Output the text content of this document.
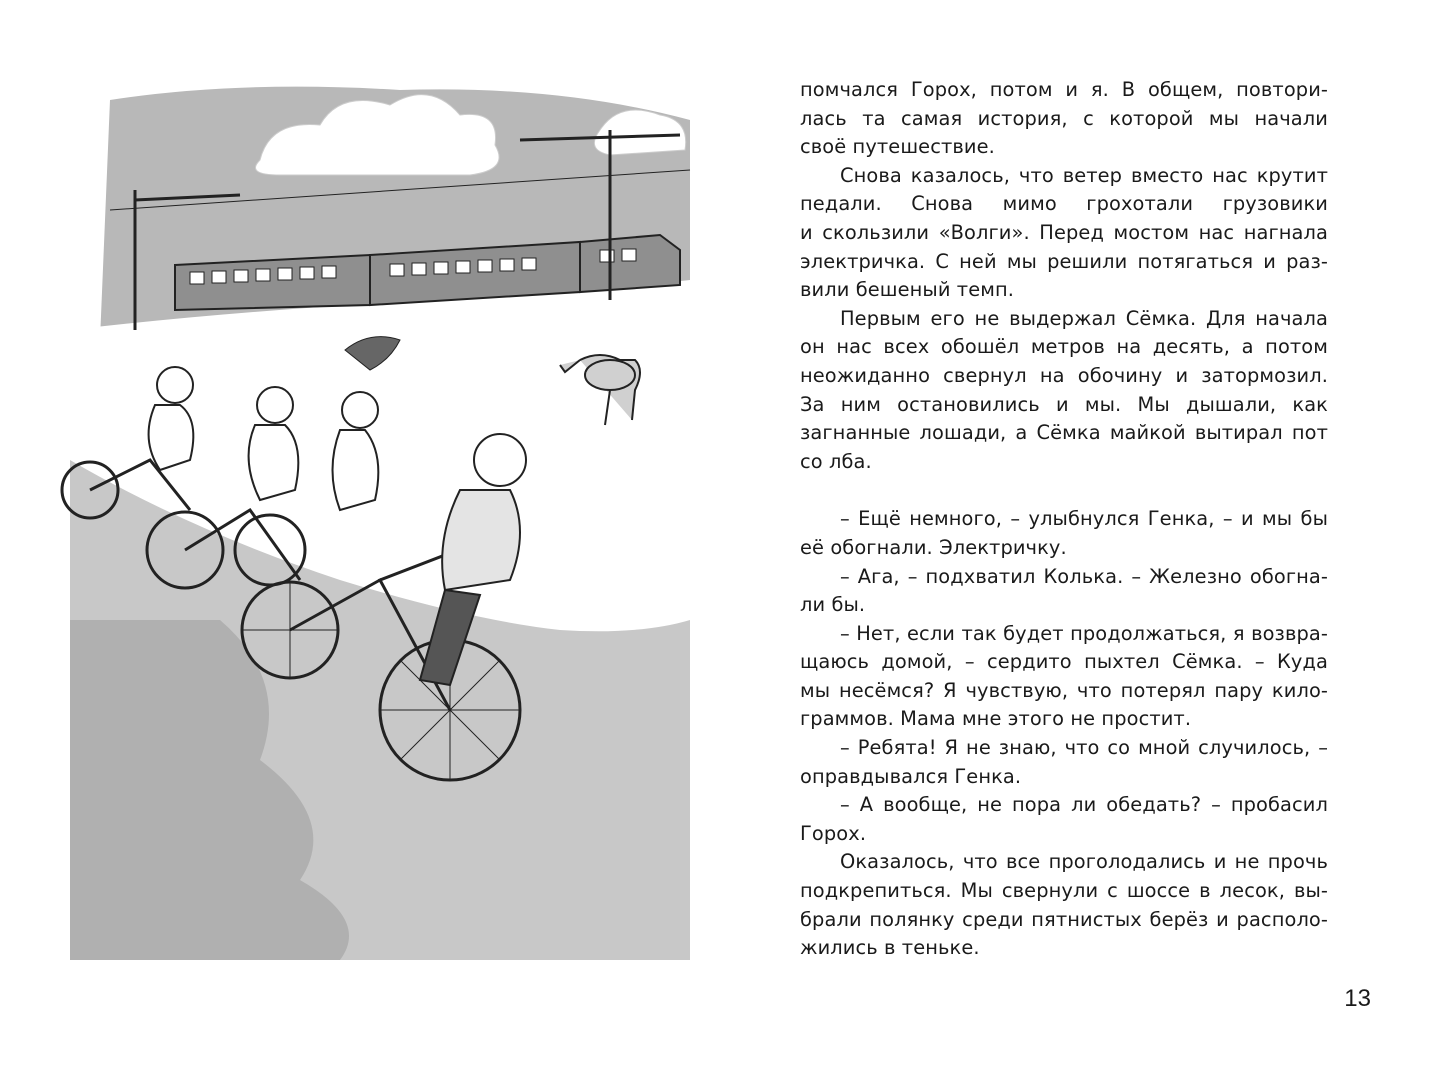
помчался Горох, потом и я. В общем, повтори-
лась та самая история, с которой мы начали
своё путешествие.
Снова казалось, что ветер вместо нас крутит
педали. Снова мимо грохотали грузовики
и скользили «Волги». Перед мостом нас нагнала
электричка. С ней мы решили потягаться и раз-
вили бешеный темп.
Первым его не выдержал Сёмка. Для начала
он нас всех обошёл метров на десять, а потом
неожиданно свернул на обочину и затормозил.
За ним остановились и мы. Мы дышали, как
загнанные лошади, а Сёмка майкой вытирал пот
со лба.
– Ещё немного, – улыбнулся Генка, – и мы бы
её обогнали. Электричку.
– Ага, – подхватил Колька. – Железно обогна-
ли бы.
– Нет, если так будет продолжаться, я возвра-
щаюсь домой, – сердито пыхтел Сёмка. – Куда
мы несёмся? Я чувствую, что потерял пару кило-
граммов. Мама мне этого не простит.
– Ребята! Я не знаю, что со мной случилось, –
оправдывался Генка.
– А вообще, не пора ли обедать? – пробасил
Горох.
Оказалось, что все проголодались и не прочь
подкрепиться. Мы свернули с шоссе в лесок, вы-
брали полянку среди пятнистых берёз и располо-
жились в теньке.
13
